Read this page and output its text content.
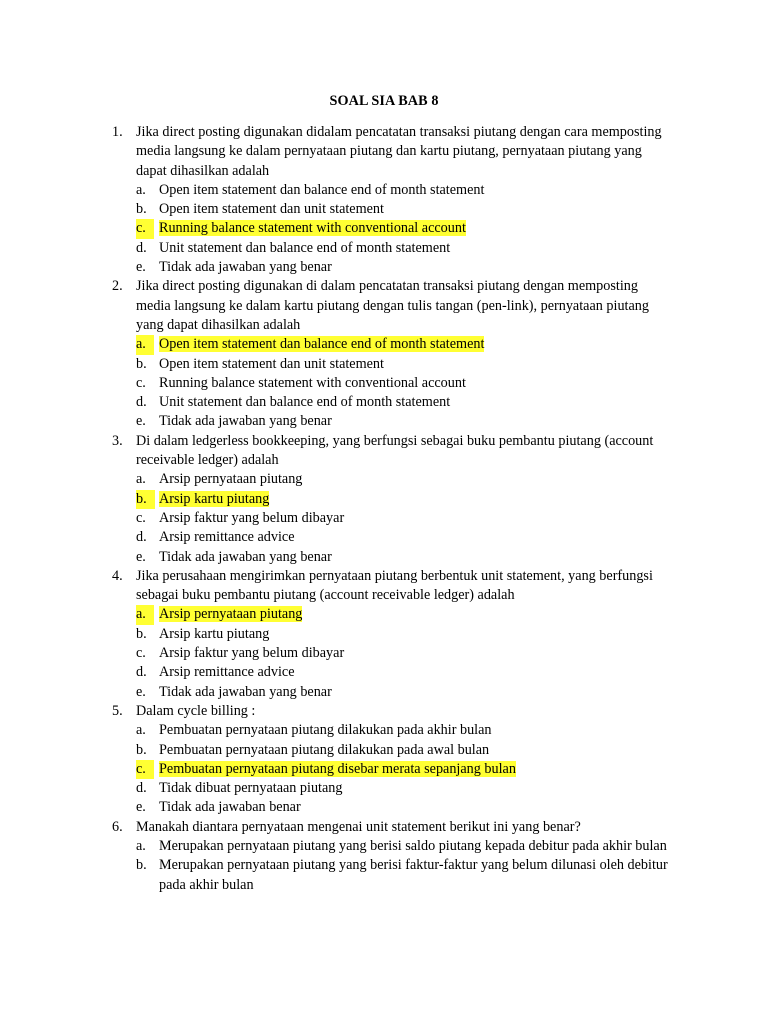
SOAL SIA BAB 8
1. Jika direct posting digunakan didalam pencatatan transaksi piutang dengan cara memposting media langsung ke dalam pernyataan piutang dan kartu piutang, pernyataan piutang yang dapat dihasilkan adalah
a. Open item statement dan balance end of month statement
b. Open item statement dan unit statement
c. Running balance statement with conventional account
d. Unit statement dan balance end of month statement
e. Tidak ada jawaban yang benar
2. Jika direct posting digunakan di dalam pencatatan transaksi piutang dengan memposting media langsung ke dalam kartu piutang dengan tulis tangan (pen-link), pernyataan piutang yang dapat dihasilkan adalah
a. Open item statement dan balance end of month statement
b. Open item statement dan unit statement
c. Running balance statement with conventional account
d. Unit statement dan balance end of month statement
e. Tidak ada jawaban yang benar
3. Di dalam ledgerless bookkeeping, yang berfungsi sebagai buku pembantu piutang (account receivable ledger) adalah
a. Arsip pernyataan piutang
b. Arsip kartu piutang
c. Arsip faktur yang belum dibayar
d. Arsip remittance advice
e. Tidak ada jawaban yang benar
4. Jika perusahaan mengirimkan pernyataan piutang berbentuk unit statement, yang berfungsi sebagai buku pembantu piutang (account receivable ledger) adalah
a. Arsip pernyataan piutang
b. Arsip kartu piutang
c. Arsip faktur yang belum dibayar
d. Arsip remittance advice
e. Tidak ada jawaban yang benar
5. Dalam cycle billing :
a. Pembuatan pernyataan piutang dilakukan pada akhir bulan
b. Pembuatan pernyataan piutang dilakukan pada awal bulan
c. Pembuatan pernyataan piutang disebar merata sepanjang bulan
d. Tidak dibuat pernyataan piutang
e. Tidak ada jawaban benar
6. Manakah diantara pernyataan mengenai unit statement berikut ini yang benar?
a. Merupakan pernyataan piutang yang berisi saldo piutang kepada debitur pada akhir bulan
b. Merupakan pernyataan piutang yang berisi faktur-faktur yang belum dilunasi oleh debitur pada akhir bulan
